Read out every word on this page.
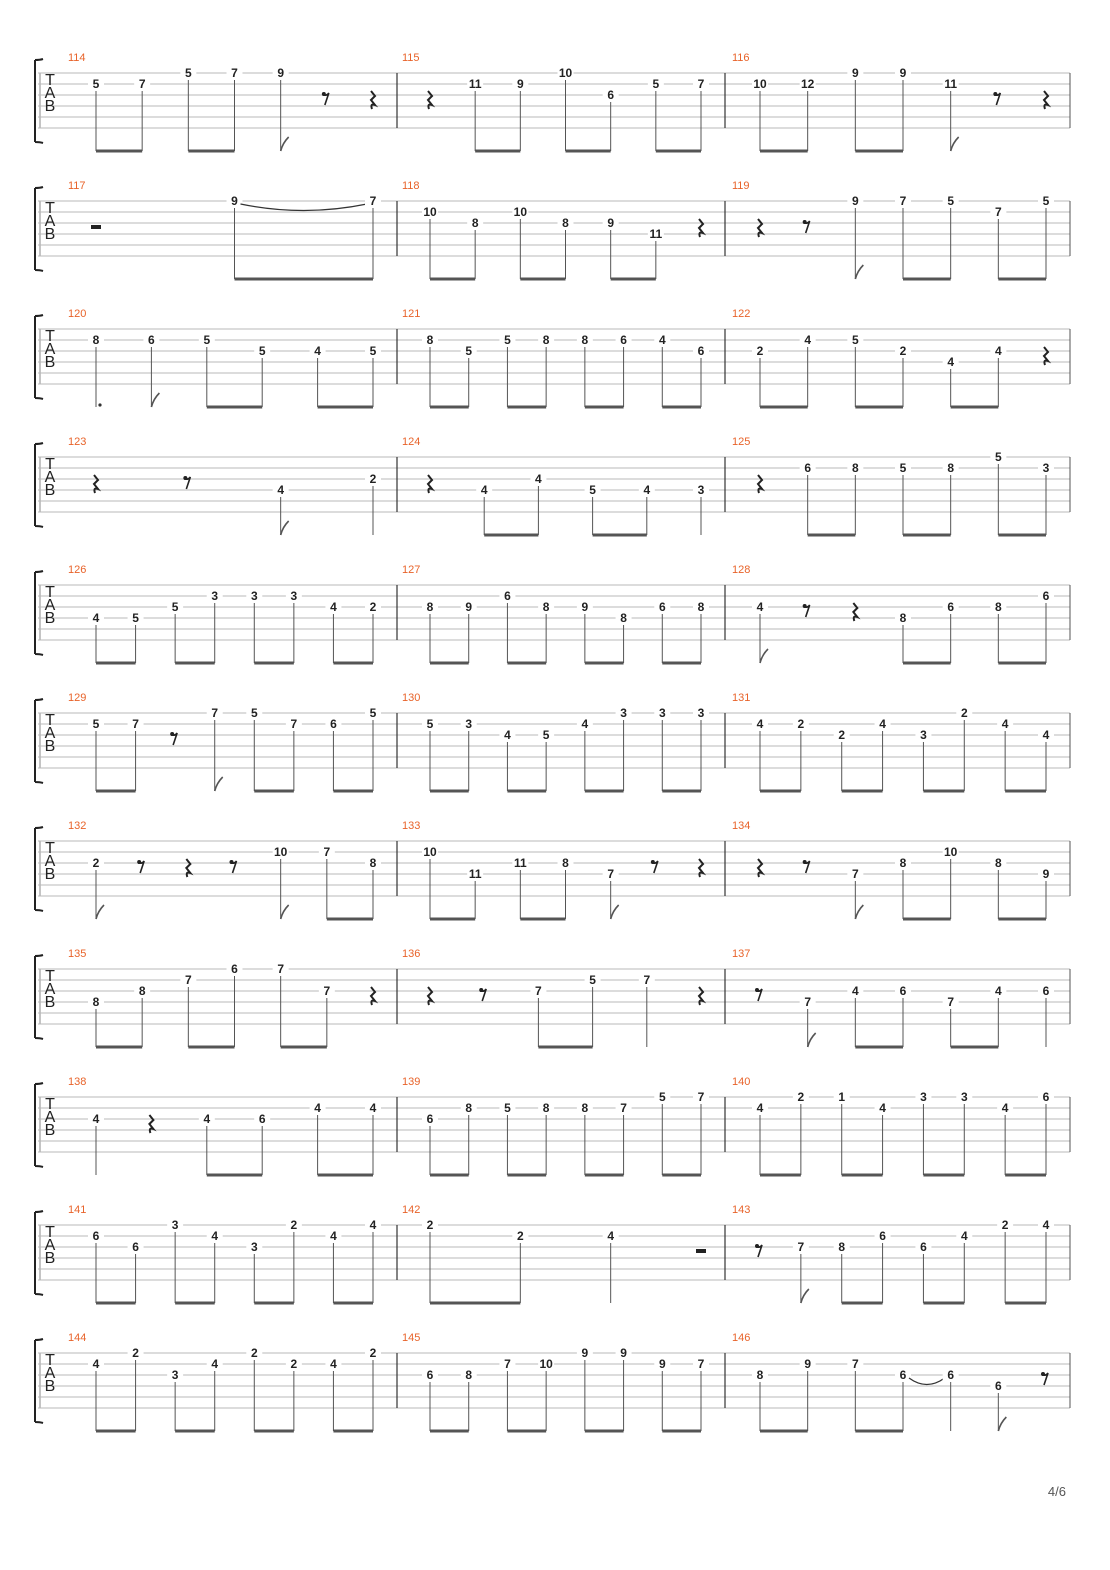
T
A
B
114
5	7
5	7	9
115
11	9
10
6
5	7
116
10	12
9	9
11
T
A
B
117
9	7
118
10
8
10
8	9
11
119
9	7	5
7
5
T
A
B
120
8	6	5
5	4	5
121
8
5
5	8	8	6	4
6
122
2
4	5
2
4
4
T
A
B
123
4
2
124
4
4
5	4	3
125
6	8	5	8
5
3
T
A
B
126
4	5
5
3	3	3
4	2
127
8	9
6
8	9
8
6	8
128
4
8
6	8
6
T
A
B
129
5	7
7	5
7	6
5
130
5	3
4	5
4
3	3	3
131
4	2
2
4
3
2
4
4
T
A
B
132
2
10	7
8
133
10
11
11	8
7
134
7
8
10
8
9
T
A
B
135
8
8
7
6	7
7
136
7
5	7
137
7
4	6
7
4	6
T
A
B
138
4	4	6
4	4
139
6
8	5	8	8	7
5	7
140
4
2	1
4
3	3
4
6
T
A
B
141
6
6
3
4
3
2
4
4
142
2
2	4
143
7	8
6
6
4
2	4
T
A
B
144
4
2
3
4
2
2	4
2
145
6	8
7 10
9	9
9	7
146
8
9	7
6	6
6
4/6
